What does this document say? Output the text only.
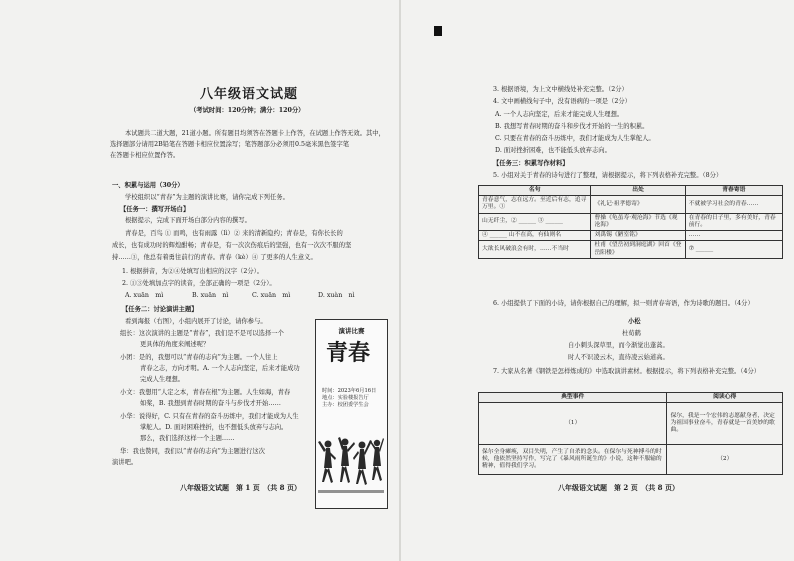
八年级语文试题
（考试时间：120分钟；满分：120分）
本试题共二道大题，21道小题。所有题目均须答在答题卡上作答，在试题上作答无效。其中，
选择题部分请用2B铅笔在答题卡相应位置涂写；笔答题部分必须用0.5毫米黑色签字笔
在答题卡相应位置作答。
一、积累与运用（30分）
学校组织以“青春”为主题的演讲比赛，请你完成下列任务。
【任务一：撰写开场白】
根据提示，完成下面开场白部分内容的撰写。
青春是，百鸟 ① 而鸣，也有雨露（lì）② 来的清新隐约；青春是，有你长长的
成长，也有成功时的辉煌酣畅；青春是，有一次次伤痕后的坚强，也有一次次不服的坚
持……③，他总有着勇往前行的青春。青春（kè）④ 了更多的人生意义。
1. 根据拼音，为②④处填写出相应的汉字（2分）。
2. ①③处填加点字的读音，全部正确的一项是（2分）。
A. xuān　mì	B. xuān　nì	C. xuān　mì	D. xuàn　nì
【任务二：讨论演讲主题】
看到海报（右图），小组内展开了讨论，请你参与。
组长：这次演讲的主题是“青春”，我们是不是可以选择一个
更具体的角度来阐述呢？
小团：是的，我想可以“青春的志向”为主题。一个人往上
青春之志，方向才明。A. 一个人志向坚定，后来才能成功
完成人生理想。
小文：我想用“人定之本，青春在根”为主题。人生如海，青春
如桨，B. 我想到青春时期的奋斗与步伐才开始……
小华：说得好，C. 只有在青春的奋斗历练中，我们才能成为人生
掌舵人。D. 面对困难挫折，也不想低头放弃与志向。
那么，我们选择这样一个主题……
华：我也赞同，我们以“青春的志向”为主题进行这次
演讲吧。
演讲比赛
青春
时间：2023年6月16日
地点：实验楼报告厅
主办：校团委学生会
八年级语文试题　第 1 页　（共 8 页）
3. 根据语境，为上文中横线处补充完整。（2分）
4. 文中画横线句子中，没有语病的一项是（2分）
A. 一个人志向坚定，后来才能完成人生理想。
B. 我想写青春时期的奋斗和步伐才开始的一生的积累。
C. 只要在青春的奋斗历练中，我们才能成为人生掌舵人。
D. 面对挫折困难，也不能低头放弃志向。
【任务三：积累写作材料】
5. 小组对关于青春的诗句进行了整理，请根据提示，将下列表格补充完整。（8分）
名句	出处	青春寄语
青春意气，志在远方。至近后有志，追寻万里。①	《礼记·祖孝德寄》	不就被学习社会的青春……
山无纤尘，② ______ ③ ______	曹操《龟虽寿·观沧海》节选《观沧海》	在青春的日子里，多有美好，青春前行。
④ ______ 山不在高，有仙则名	刘禹锡《陋室铭》	……
大欲长风破浪会有时，……不当时	杜甫《望岳初到洞庭湖》回首《登岳阳楼》	⑦ ______
6. 小组提供了下面的小诗，请你根据自己的理解，拟一则青春寄语，作为诗歌的题目。（4分）
小松
杜荀鹤
自小刺头深草里，而今渐觉出蓬蒿。
时人不识凌云木，直待凌云始道高。
7. 大家从名著《钢铁是怎样炼成的》中选取演讲素材。根据提示，将下列表格补充完整。（4分）
典型事件	阅读心得
（1）	保尔，我是一个宏伟的志愿献身者，决定为祖国事业奋斗，青春就是一首美妙的歌曲。
保尔全身瘫痪，双目失明，产生了自杀的念头。在保尔与死神搏斗的时候，他依然坚持写作，写完了《暴风雨所诞生的》小说，这种不服输的精神，值得我们学习。	（2）
八年级语文试题　第 2 页　（共 8 页）
